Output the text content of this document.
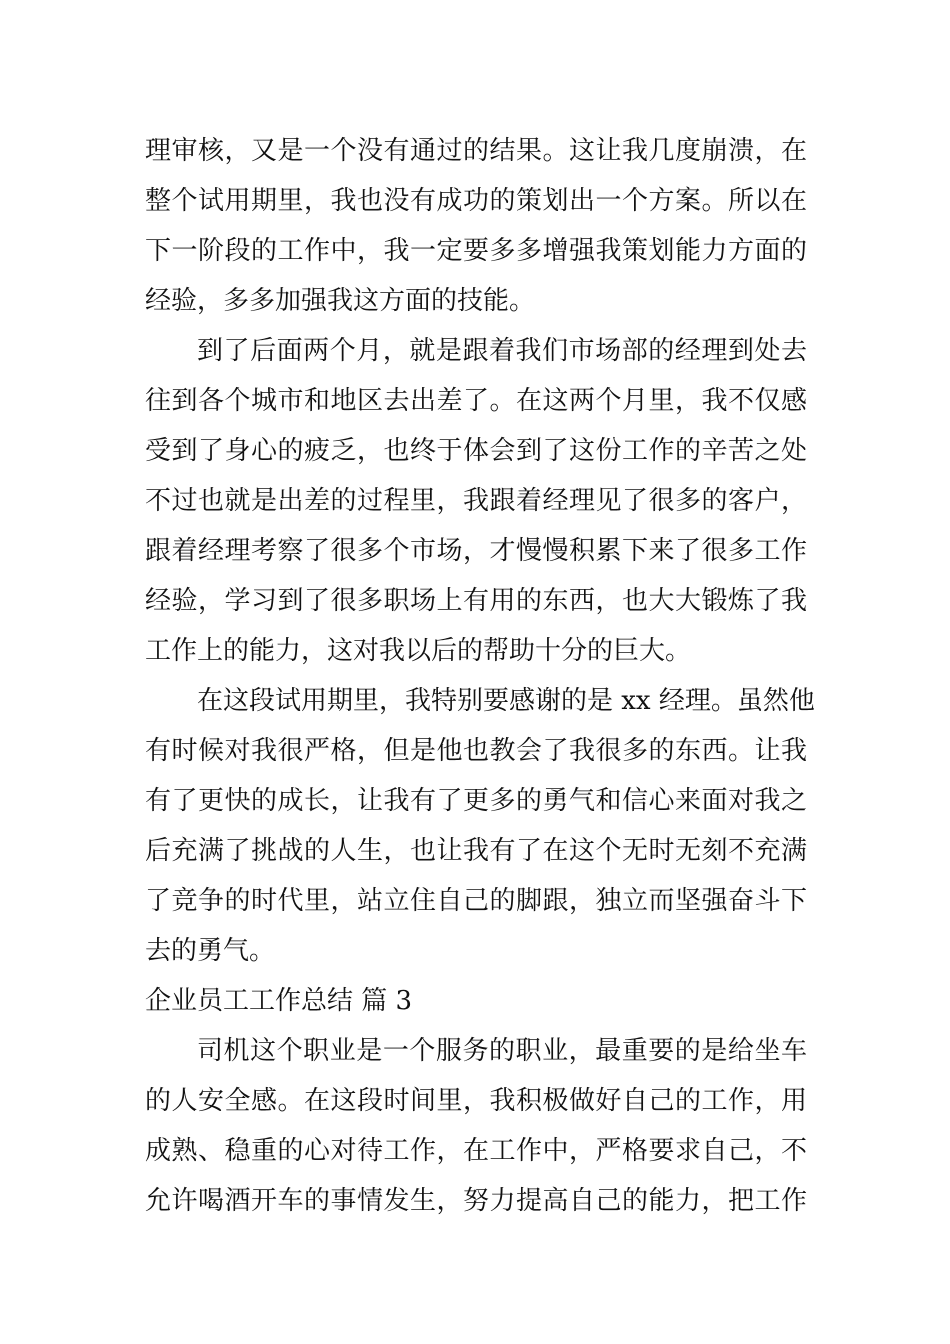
理审核，又是一个没有通过的结果。这让我几度崩溃，在
整个试用期里，我也没有成功的策划出一个方案。所以在
下一阶段的工作中，我一定要多多增强我策划能力方面的
经验，多多加强我这方面的技能。
到了后面两个月，就是跟着我们市场部的经理到处去
往到各个城市和地区去出差了。在这两个月里，我不仅感
受到了身心的疲乏，也终于体会到了这份工作的辛苦之处
不过也就是出差的过程里，我跟着经理见了很多的客户，
跟着经理考察了很多个市场，才慢慢积累下来了很多工作
经验，学习到了很多职场上有用的东西，也大大锻炼了我
工作上的能力，这对我以后的帮助十分的巨大。
在这段试用期里，我特别要感谢的是 xx 经理。虽然他
有时候对我很严格，但是他也教会了我很多的东西。让我
有了更快的成长，让我有了更多的勇气和信心来面对我之
后充满了挑战的人生，也让我有了在这个无时无刻不充满
了竞争的时代里，站立住自己的脚跟，独立而坚强奋斗下
去的勇气。
企业员工工作总结 篇 3
司机这个职业是一个服务的职业，最重要的是给坐车
的人安全感。在这段时间里，我积极做好自己的工作，用
成熟、稳重的心对待工作，在工作中，严格要求自己，不
允许喝酒开车的事情发生，努力提高自己的能力，把工作
